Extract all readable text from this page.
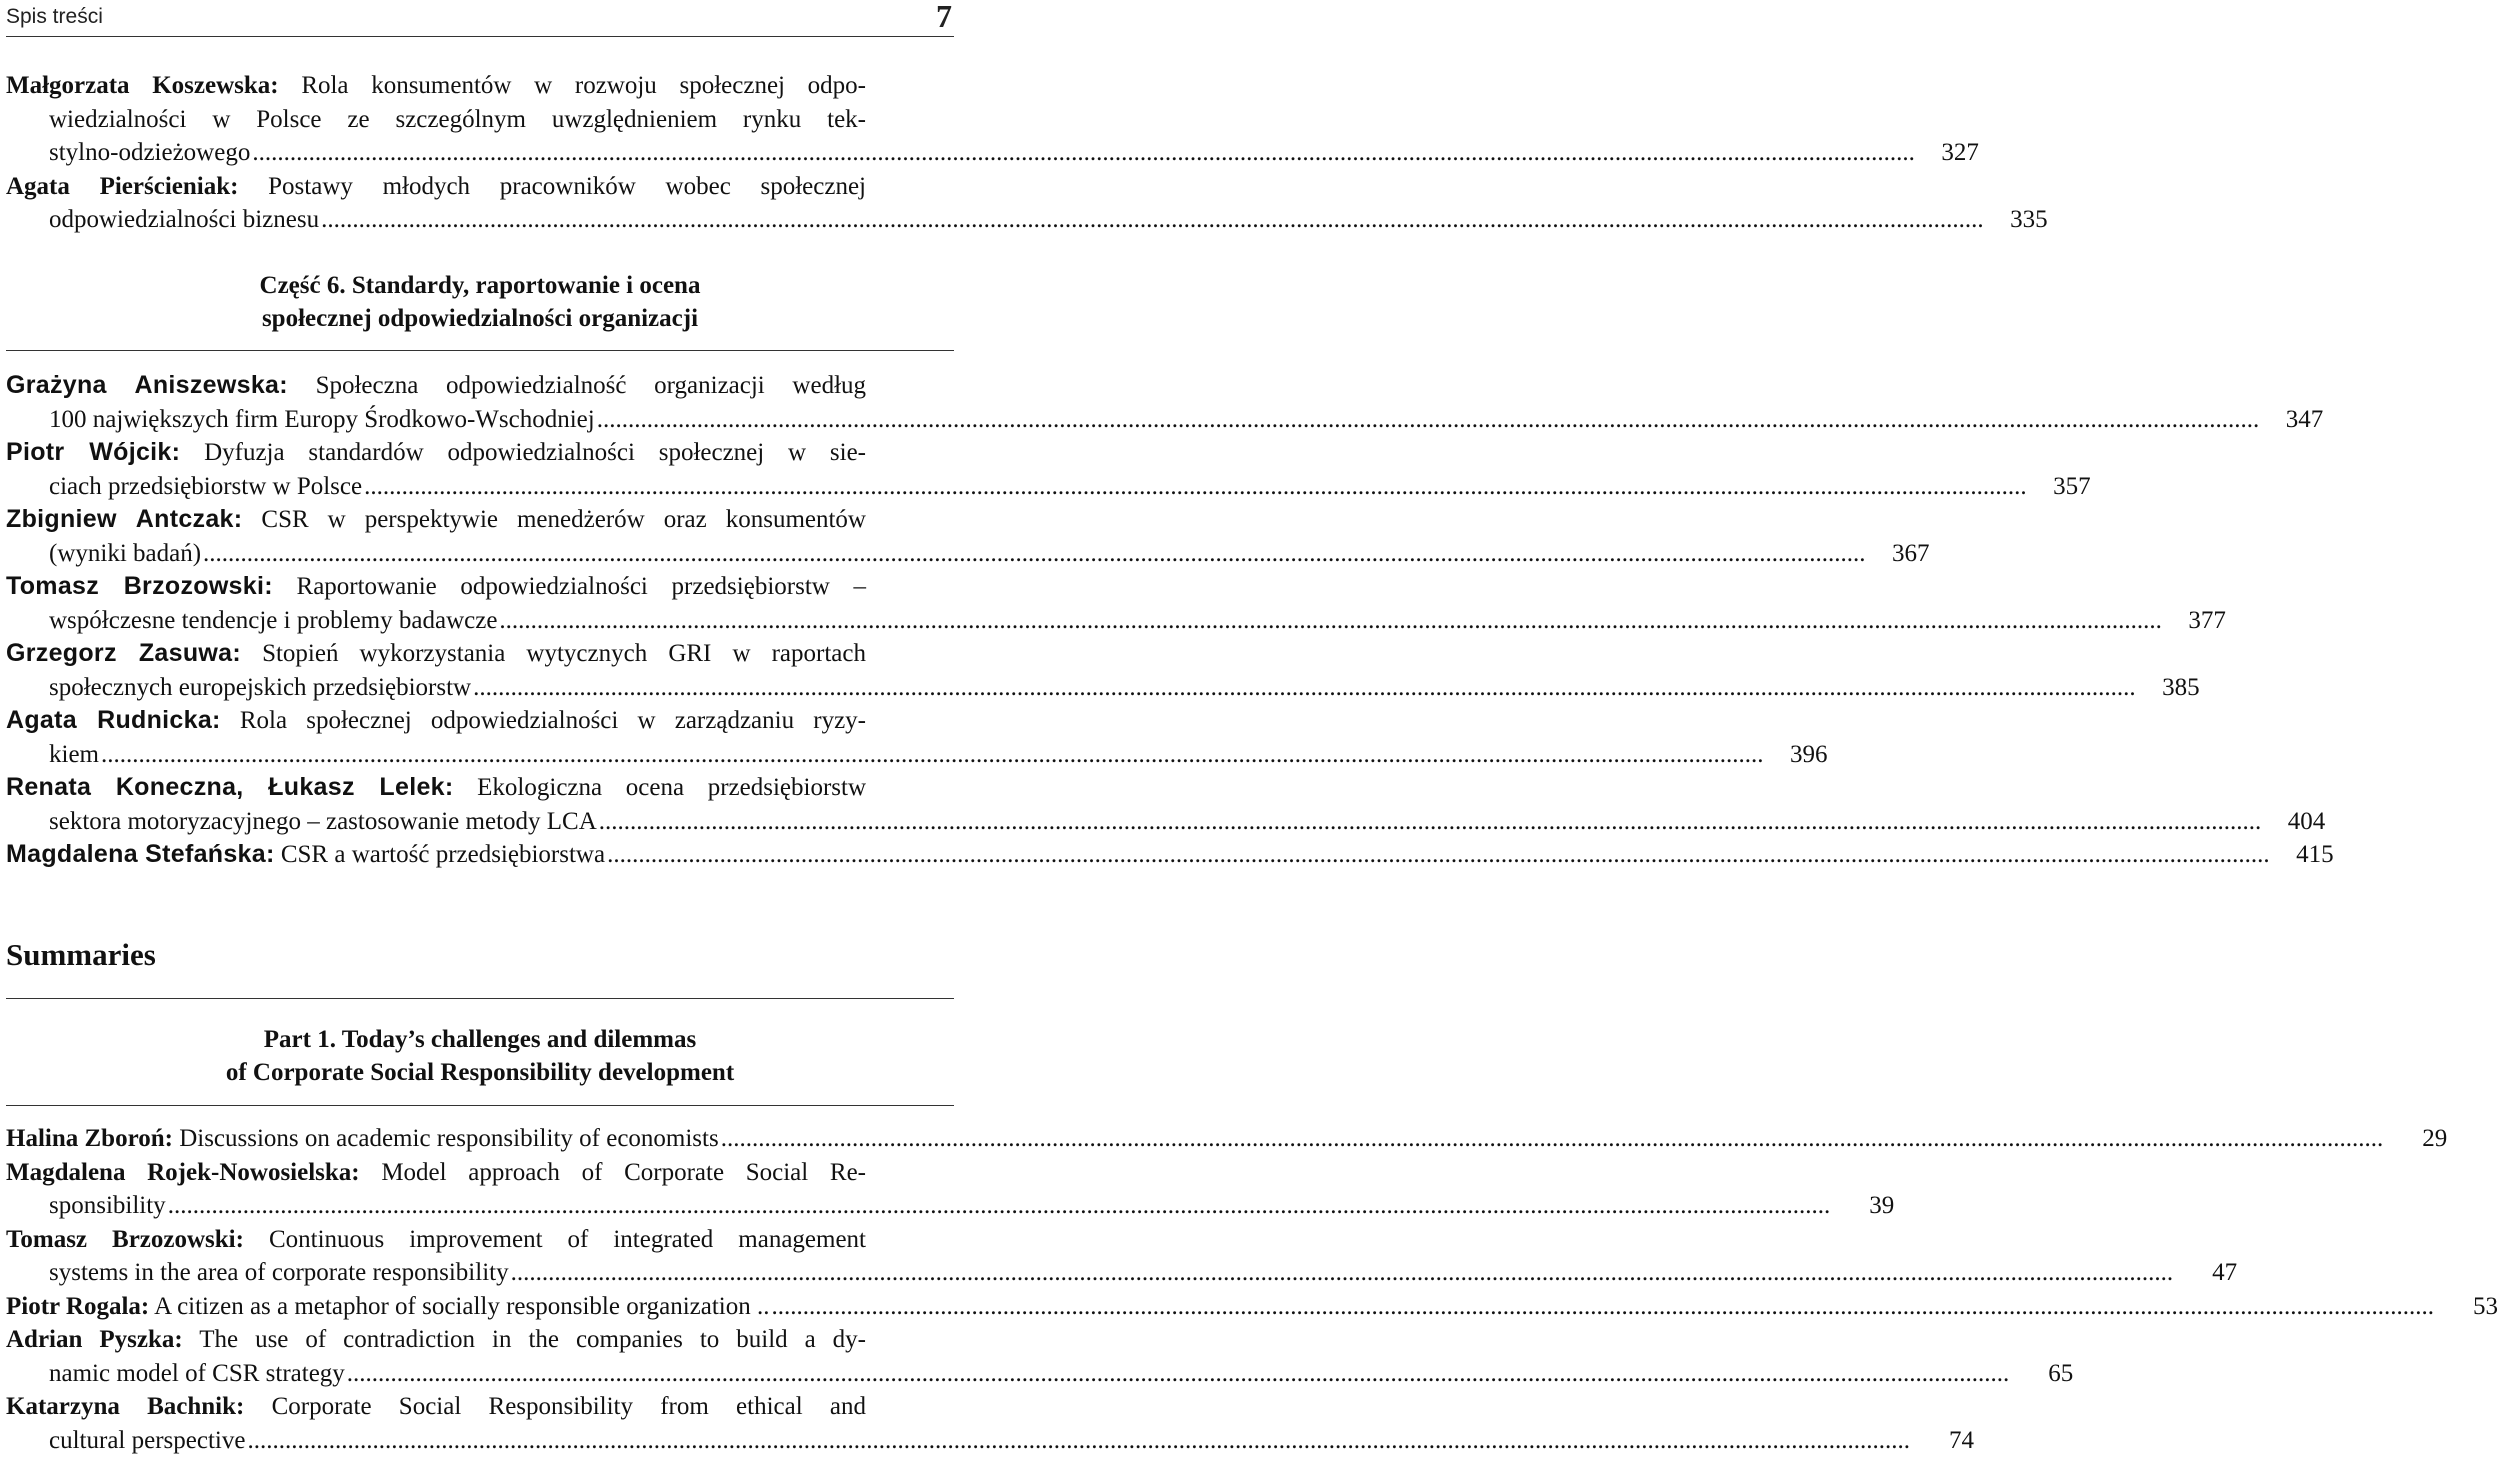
Spis treści	7
Małgorzata Koszewska: Rola konsumentów w rozwoju społecznej odpo-
wiedzialności w Polsce ze szczególnym uwzględnieniem rynku tek-
stylno-odzieżowego .....	327
Agata Pierścieniak: Postawy młodych pracowników wobec społecznej
odpowiedzialności biznesu .....	335
Część 6. Standardy, raportowanie i ocena
społecznej odpowiedzialności organizacji
Grażyna Aniszewska: Społeczna odpowiedzialność organizacji według
100 największych firm Europy Środkowo-Wschodniej .....	347
Piotr Wójcik: Dyfuzja standardów odpowiedzialności społecznej w sie-
ciach przedsiębiorstw w Polsce .....	357
Zbigniew Antczak: CSR w perspektywie menedżerów oraz konsumentów
(wyniki badań) .....	367
Tomasz Brzozowski: Raportowanie odpowiedzialności przedsiębiorstw –
współczesne tendencje i problemy badawcze .....	377
Grzegorz Zasuwa: Stopień wykorzystania wytycznych GRI w raportach
społecznych europejskich przedsiębiorstw .....	385
Agata Rudnicka: Rola społecznej odpowiedzialności w zarządzaniu ryzy-
kiem .....	396
Renata Koneczna, Łukasz Lelek: Ekologiczna ocena przedsiębiorstw
sektora motoryzacyjnego – zastosowanie metody LCA .....	404
Magdalena Stefańska: CSR a wartość przedsiębiorstwa .....	415
Summaries
Part 1. Today’s challenges and dilemmas
of Corporate Social Responsibility development
Halina Zboroń: Discussions on academic responsibility of economists .....	29
Magdalena Rojek-Nowosielska: Model approach of Corporate Social Re-
sponsibility .....	39
Tomasz Brzozowski: Continuous improvement of integrated management
systems in the area of corporate responsibility .....	47
Piotr Rogala: A citizen as a metaphor of socially responsible organization .. .....	53
Adrian Pyszka: The use of contradiction in the companies to build a dy-
namic model of CSR strategy .....	65
Katarzyna Bachnik: Corporate Social Responsibility from ethical and
cultural perspective .....	74
